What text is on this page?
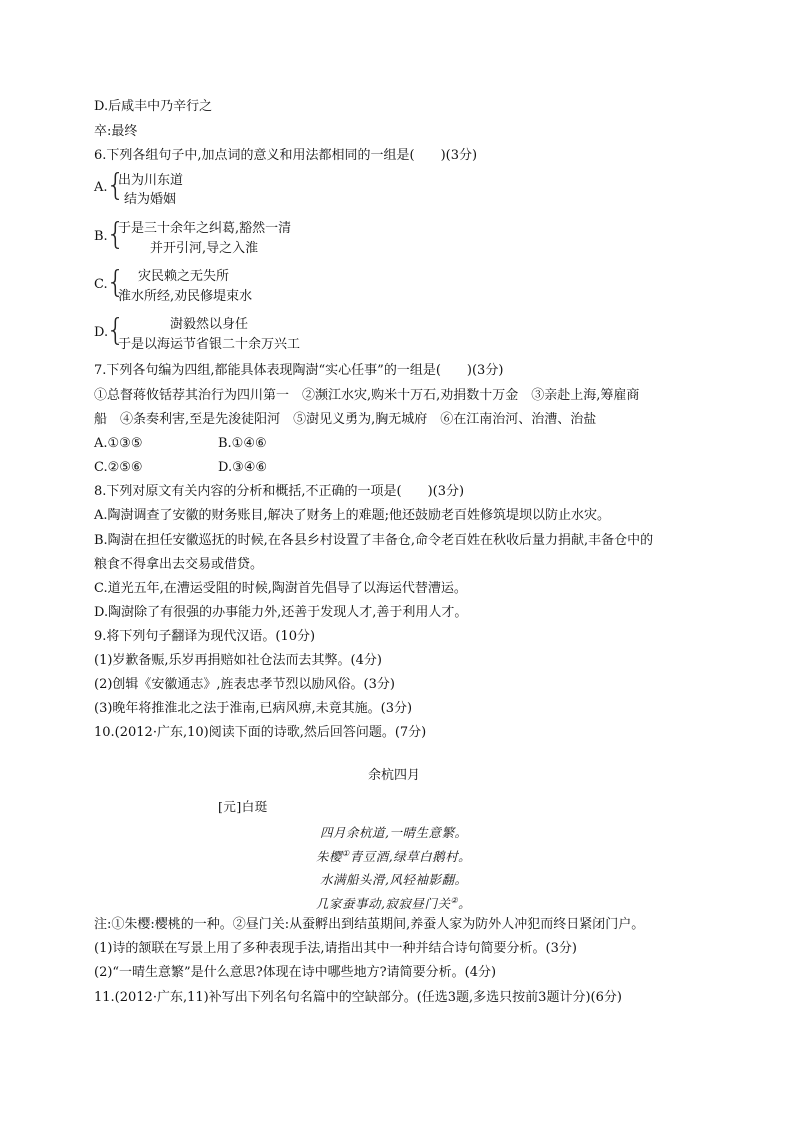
D.后咸丰中乃辛行之
卒:最终
6.下列各组句子中,加点词的意义和用法都相同的一组是(　　)(3分)
A.
{
出为川东道
结为婚姻
B.
{
于是三十余年之纠葛,豁然一清
并开引河,导之入淮
C.
{ 灾民赖之无失所
淮水所经,劝民修堤束水
D.
{	澍毅然以身任
于是以海运节省银二十余万兴工
7.下列各句编为四组,都能具体表现陶澍“实心任事”的一组是(　　)(3分)
①总督蒋攸铦荐其治行为四川第一　②濒江水灾,购米十万石,劝捐数十万金　③亲赴上海,筹雇商
船　④条奏利害,至是先浚徒阳河　⑤澍见义勇为,胸无城府　⑥在江南治河、治漕、治盐
A.①③⑤	B.①④⑥
C.②⑤⑥	D.③④⑥
8.下列对原文有关内容的分析和概括,不正确的一项是(　　)(3分)
A.陶澍调查了安徽的财务账目,解决了财务上的难题;他还鼓励老百姓修筑堤坝以防止水灾。
B.陶澍在担任安徽巡抚的时候,在各县乡村设置了丰备仓,命令老百姓在秋收后量力捐献,丰备仓中的
粮食不得拿出去交易或借贷。
C.道光五年,在漕运受阻的时候,陶澍首先倡导了以海运代替漕运。
D.陶澍除了有很强的办事能力外,还善于发现人才,善于利用人才。
9.将下列句子翻译为现代汉语。(10分)
(1)岁歉备赈,乐岁再捐赔如社仓法而去其弊。(4分)
(2)创辑《安徽通志》,旌表忠孝节烈以励风俗。(3分)
(3)晚年将推淮北之法于淮南,已病风痹,未竟其施。(3分)
10.(2012·广东,10)阅读下面的诗歌,然后回答问题。(7分)
余杭四月
[元]白珽
四月余杭道,一晴生意繁。
朱樱①青豆酒,绿草白鹅村。
水满船头滑,风轻袖影翻。
几家蚕事动,寂寂昼门关②。
注:①朱樱:樱桃的一种。②昼门关:从蚕孵出到结茧期间,养蚕人家为防外人冲犯而终日紧闭门户。
(1)诗的颔联在写景上用了多种表现手法,请指出其中一种并结合诗句简要分析。(3分)
(2)“一晴生意繁”是什么意思?体现在诗中哪些地方?请简要分析。(4分)
11.(2012·广东,11)补写出下列名句名篇中的空缺部分。(任选3题,多选只按前3题计分)(6分)
